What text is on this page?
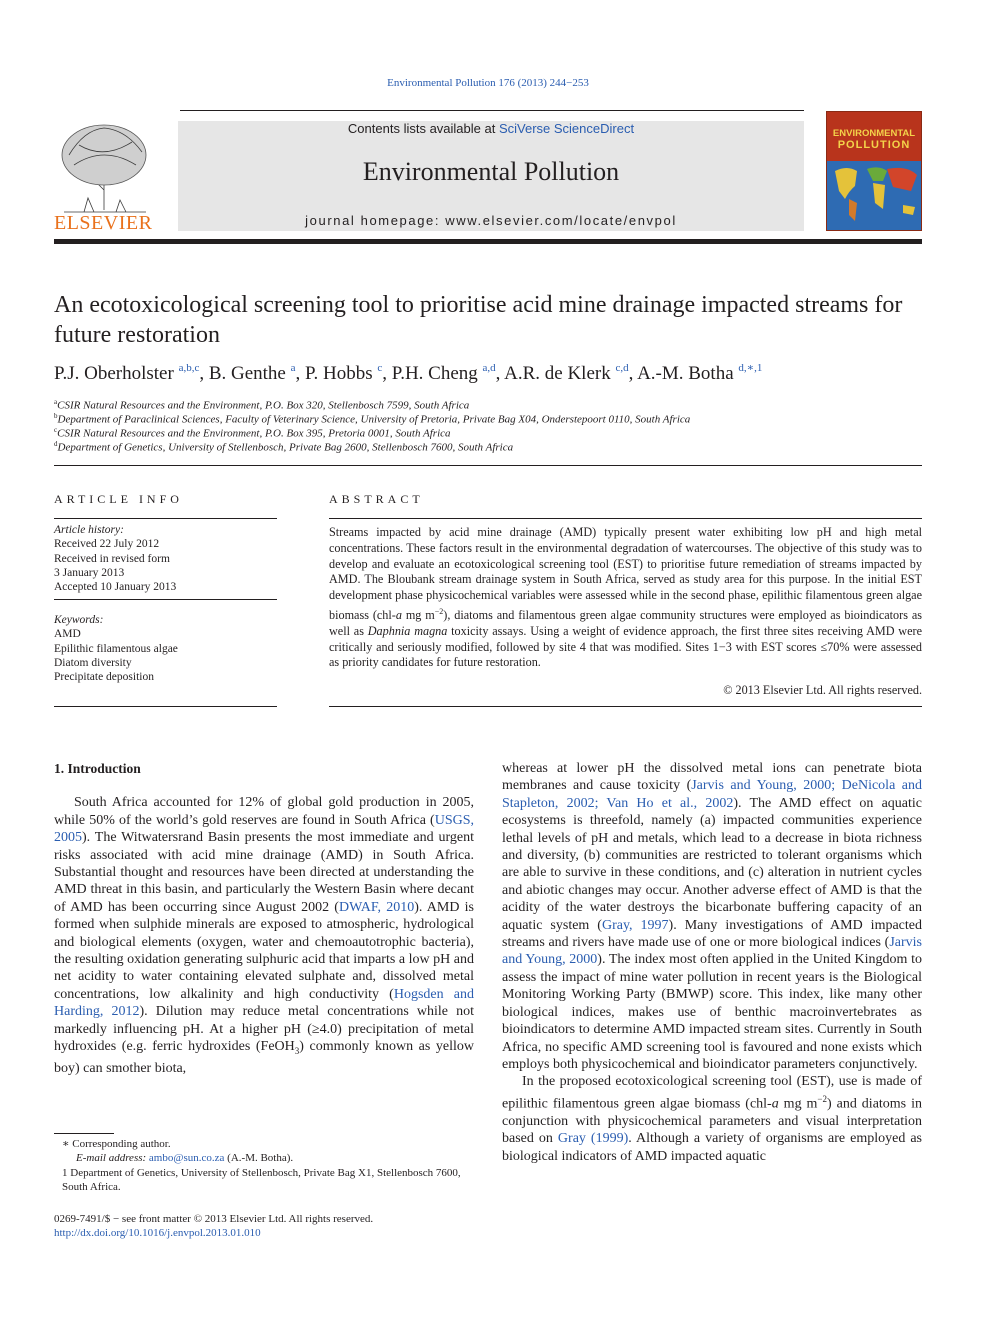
Environmental Pollution 176 (2013) 244−253
ELSEVIER
Contents lists available at SciVerse ScienceDirect
Environmental Pollution
journal homepage: www.elsevier.com/locate/envpol
ENVIRONMENTAL
POLLUTION
An ecotoxicological screening tool to prioritise acid mine drainage impacted streams for future restoration
P.J. Oberholster $^{a,b,c}$, B. Genthe $^a$, P. Hobbs $^c$, P.H. Cheng $^{a,d}$, A.R. de Klerk $^{c,d}$, A.-M. Botha $^{d,∗,1}$
$^a$CSIR Natural Resources and the Environment, P.O. Box 320, Stellenbosch 7599, South Africa
$^b$Department of Paraclinical Sciences, Faculty of Veterinary Science, University of Pretoria, Private Bag X04, Onderstepoort 0110, South Africa
$^c$CSIR Natural Resources and the Environment, P.O. Box 395, Pretoria 0001, South Africa
$^d$Department of Genetics, University of Stellenbosch, Private Bag 2600, Stellenbosch 7600, South Africa
ARTICLE INFO	ABSTRACT
Article history:
Received 22 July 2012
Received in revised form
3 January 2013
Accepted 10 January 2013
Keywords:
AMD
Epilithic filamentous algae
Diatom diversity
Precipitate deposition
Streams impacted by acid mine drainage (AMD) typically present water exhibiting low pH and high metal concentrations. These factors result in the environmental degradation of watercourses. The objective of this study was to develop and evaluate an ecotoxicological screening tool (EST) to prioritise future remediation of streams impacted by AMD. The Bloubank stream drainage system in South Africa, served as study area for this purpose. In the initial EST development phase physicochemical variables were assessed while in the second phase, epilithic filamentous green algae biomass (chl-a mg $m^{-2}$), diatoms and filamentous green algae community structures were employed as bioindicators as well as Daphnia magna toxicity assays. Using a weight of evidence approach, the first three sites receiving AMD were critically and seriously modified, followed by site 4 that was modified. Sites 1−3 with EST scores ≤70% were assessed as priority candidates for future restoration.
© 2013 Elsevier Ltd. All rights reserved.
1. Introduction

South Africa accounted for 12% of global gold production in 2005, while 50% of the world’s gold reserves are found in South Africa (USGS, 2005). The Witwatersrand Basin presents the most immediate and urgent risks associated with acid mine drainage (AMD) in South Africa. Substantial thought and resources have been directed at understanding the AMD threat in this basin, and particularly the Western Basin where decant of AMD has been occurring since August 2002 (DWAF, 2010). AMD is formed when sulphide minerals are exposed to atmospheric, hydrological and biological elements (oxygen, water and chemoautotrophic bacteria), the resulting oxidation generating sulphuric acid that imparts a low pH and net acidity to water containing elevated sulphate and, dissolved metal concentrations, low alkalinity and high conductivity (Hogsden and Harding, 2012). Dilution may reduce metal concentrations while not markedly influencing pH. At a higher pH (≥4.0) precipitation of metal hydroxides (e.g. ferric hydroxides (FeOH$_3$) commonly known as yellow boy) can smother biota,

whereas at lower pH the dissolved metal ions can penetrate biota membranes and cause toxicity (Jarvis and Young, 2000; DeNicola and Stapleton, 2002; Van Ho et al., 2002). The AMD effect on aquatic ecosystems is threefold, namely (a) impacted communities experience lethal levels of pH and metals, which lead to a decrease in biota richness and diversity, (b) communities are restricted to tolerant organisms which are able to survive in these conditions, and (c) alteration in nutrient cycles and abiotic changes may occur. Another adverse effect of AMD is that the acidity of the water destroys the bicarbonate buffering capacity of an aquatic system (Gray, 1997). Many investigations of AMD impacted streams and rivers have made use of one or more biological indices (Jarvis and Young, 2000). The index most often applied in the United Kingdom to assess the impact of mine water pollution in recent years is the Biological Monitoring Working Party (BMWP) score. This index, like many other biological indices, makes use of benthic macroinvertebrates as bioindicators to determine AMD impacted stream sites. Currently in South Africa, no specific AMD screening tool is favoured and none exists which employs both physicochemical and bioindicator parameters conjunctively.

In the proposed ecotoxicological screening tool (EST), use is made of epilithic filamentous green algae biomass (chl-a mg $m^{-2}$) and diatoms in conjunction with physicochemical parameters and visual interpretation based on Gray (1999). Although a variety of organisms are employed as biological indicators of AMD impacted aquatic

∗ Corresponding author.
E-mail address: ambo@sun.co.za (A.-M. Botha).
1 Department of Genetics, University of Stellenbosch, Private Bag X1, Stellenbosch 7600, South Africa.
0269-7491/$ − see front matter © 2013 Elsevier Ltd. All rights reserved.
http://dx.doi.org/10.1016/j.envpol.2013.01.010
